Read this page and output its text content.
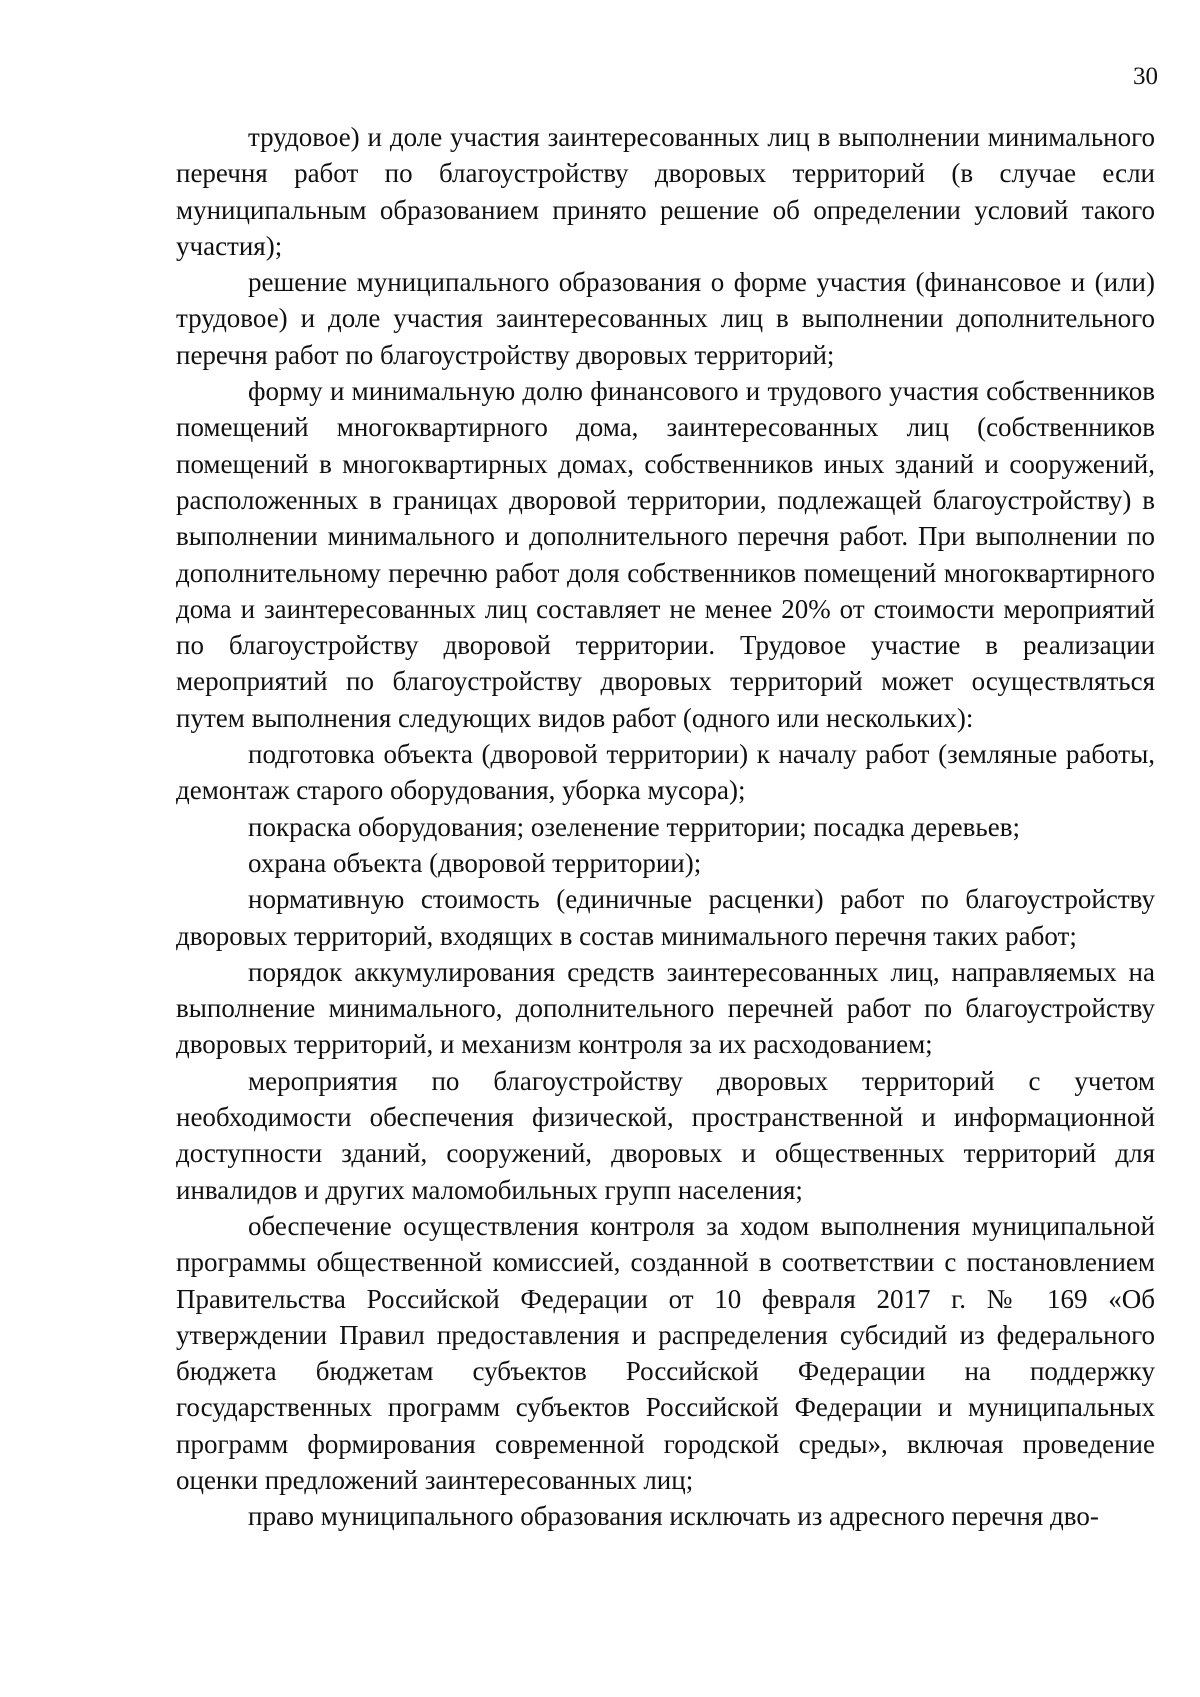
30

трудовое) и доле участия заинтересованных лиц в выполнении минимального перечня работ по благоустройству дворовых территорий (в случае если муниципальным образованием принято решение об определении условий такого участия);

решение муниципального образования о форме участия (финансовое и (или) трудовое) и доле участия заинтересованных лиц в выполнении дополнительного перечня работ по благоустройству дворовых территорий;

форму и минимальную долю финансового и трудового участия собственников помещений многоквартирного дома, заинтересованных лиц (собственников помещений в многоквартирных домах, собственников иных зданий и сооружений, расположенных в границах дворовой территории, подлежащей благоустройству) в выполнении минимального и дополнительного перечня работ. При выполнении по дополнительному перечню работ доля собственников помещений многоквартирного дома и заинтересованных лиц составляет не менее 20% от стоимости мероприятий по благоустройству дворовой территории. Трудовое участие в реализации мероприятий по благоустройству дворовых территорий может осуществляться путем выполнения следующих видов работ (одного или нескольких):

подготовка объекта (дворовой территории) к началу работ (земляные работы, демонтаж старого оборудования, уборка мусора);

покраска оборудования; озеленение территории; посадка деревьев;

охрана объекта (дворовой территории);

нормативную стоимость (единичные расценки) работ по благоустройству дворовых территорий, входящих в состав минимального перечня таких работ;

порядок аккумулирования средств заинтересованных лиц, направляемых на выполнение минимального, дополнительного перечней работ по благоустройству дворовых территорий, и механизм контроля за их расходованием;

мероприятия по благоустройству дворовых территорий с учетом необходимости обеспечения физической, пространственной и информационной доступности зданий, сооружений, дворовых и общественных территорий для инвалидов и других маломобильных групп населения;

обеспечение осуществления контроля за ходом выполнения муниципальной программы общественной комиссией, созданной в соответствии с постановлением Правительства Российской Федерации от 10 февраля 2017 г. № 169 «Об утверждении Правил предоставления и распределения субсидий из федерального бюджета бюджетам субъектов Российской Федерации на поддержку государственных программ субъектов Российской Федерации и муниципальных программ формирования современной городской среды», включая проведение оценки предложений заинтересованных лиц;

право муниципального образования исключать из адресного перечня дво-
